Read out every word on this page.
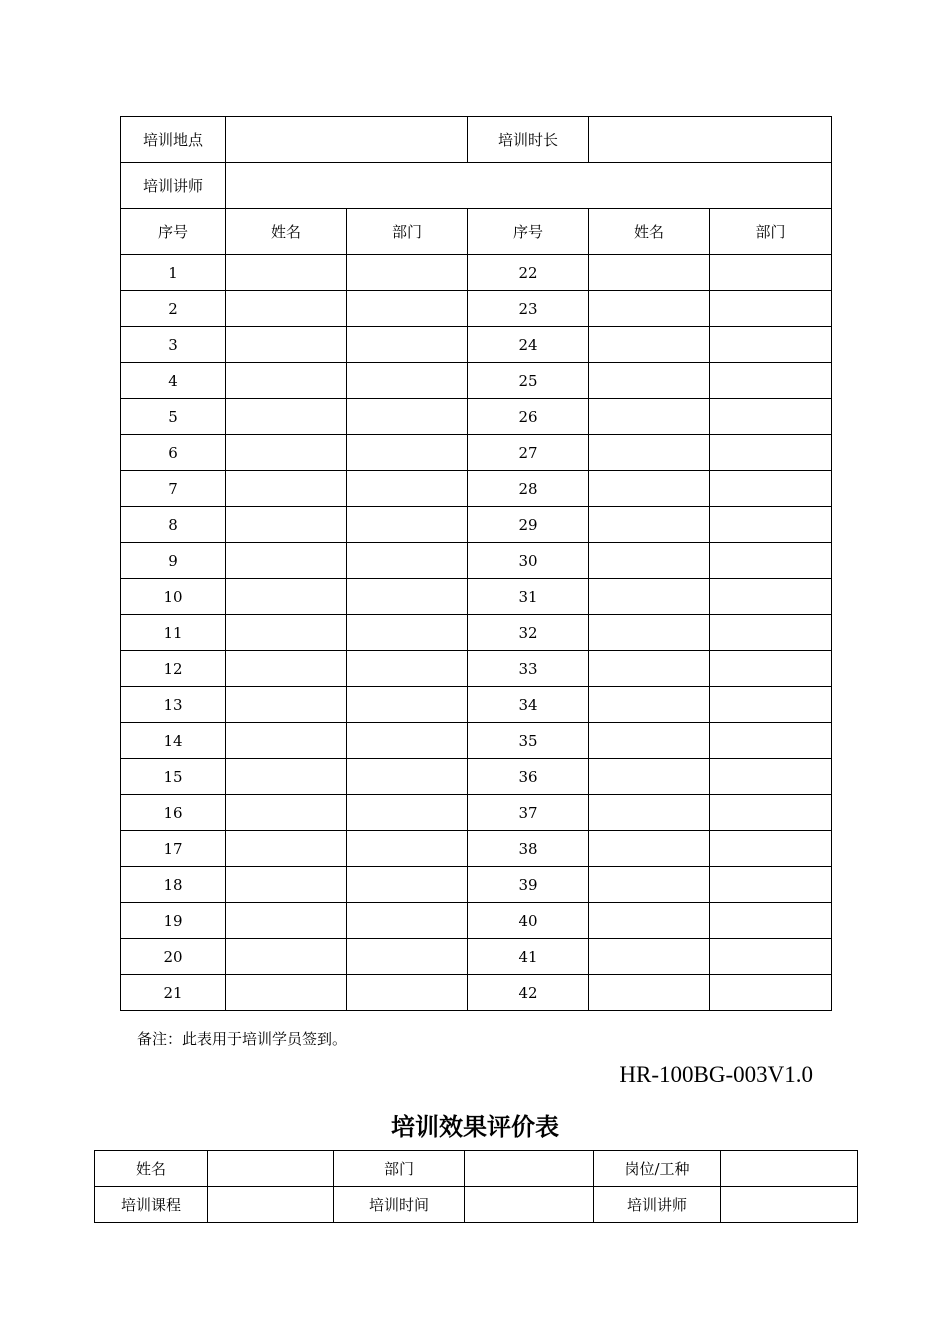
培训地点			培训时长		
培训讲师					
序号	姓名	部门	序号	姓名	部门
1			22		
2			23		
3			24		
4			25		
5			26		
6			27		
7			28		
8			29		
9			30		
10			31		
11			32		
12			33		
13			34		
14			35		
15			36		
16			37		
17			38		
18			39		
19			40		
20			41		
21			42		
备注：此表用于培训学员签到。
HR-100BG-003V1.0
培训效果评价表
姓名		部门		岗位/工种	
培训课程		培训时间		培训讲师	
